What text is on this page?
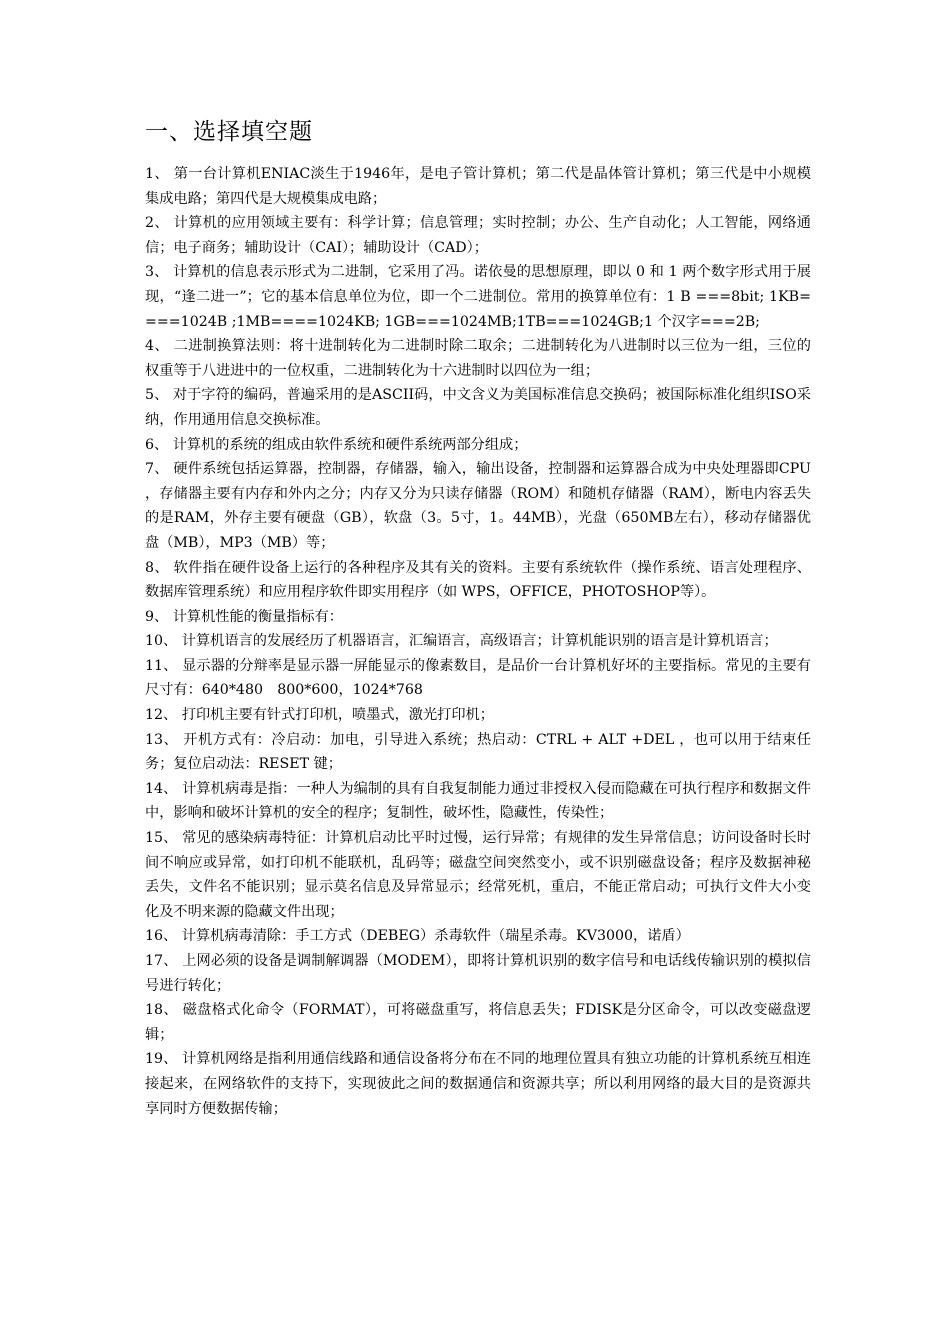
一、选择填空题
1、 第一台计算机ENIAC淡生于1946年，是电子管计算机；第二代是晶体管计算机；第三代是中小规模集成电路；第四代是大规模集成电路；
2、 计算机的应用领域主要有：科学计算；信息管理；实时控制；办公、生产自动化；人工智能，网络通信；电子商务；辅助设计（CAI）；辅助设计（CAD）；
3、 计算机的信息表示形式为二进制，它采用了冯。诺依曼的思想原理，即以 0 和 1 两个数字形式用于展现，“逢二进一”；它的基本信息单位为位，即一个二进制位。常用的换算单位有：1 B ===8bit; 1KB====1024B ;1MB====1024KB; 1GB===1024MB;1TB===1024GB;1 个汉字===2B;
4、 二进制换算法则：将十进制转化为二进制时除二取余；二进制转化为八进制时以三位为一组，三位的权重等于八进进中的一位权重，二进制转化为十六进制时以四位为一组；
5、 对于字符的编码，普遍采用的是ASCII码，中文含义为美国标准信息交换码；被国际标准化组织ISO采纳，作用通用信息交换标准。
6、 计算机的系统的组成由软件系统和硬件系统两部分组成；
7、 硬件系统包括运算器，控制器，存储器，输入，输出设备，控制器和运算器合成为中央处理器即CPU ，存储器主要有内存和外内之分；内存又分为只读存储器（ROM）和随机存储器（RAM），断电内容丢失的是RAM，外存主要有硬盘（GB），软盘（3。5寸，1。44MB），光盘（650MB左右），移动存储器优盘（MB），MP3（MB）等；
8、 软件指在硬件设备上运行的各种程序及其有关的资料。主要有系统软件（操作系统、语言处理程序、数据库管理系统）和应用程序软件即实用程序（如 WPS，OFFICE，PHOTOSHOP等）。
9、 计算机性能的衡量指标有：
10、 计算机语言的发展经历了机器语言，汇编语言，高级语言；计算机能识别的语言是计算机语言；
11、 显示器的分辩率是显示器一屏能显示的像素数目，是品价一台计算机好坏的主要指标。常见的主要有尺寸有：640*480　800*600，1024*768
12、 打印机主要有针式打印机，喷墨式，激光打印机；
13、 开机方式有：冷启动：加电，引导进入系统；热启动：CTRL + ALT +DEL ，也可以用于结束任务；复位启动法：RESET 键；
14、 计算机病毒是指：一种人为编制的具有自我复制能力通过非授权入侵而隐藏在可执行程序和数据文件中，影响和破坏计算机的安全的程序；复制性，破坏性，隐藏性，传染性；
15、 常见的感染病毒特征：计算机启动比平时过慢，运行异常；有规律的发生异常信息；访问设备时长时间不响应或异常，如打印机不能联机，乱码等；磁盘空间突然变小，或不识别磁盘设备；程序及数据神秘丢失，文件名不能识别；显示莫名信息及异常显示；经常死机，重启，不能正常启动；可执行文件大小变化及不明来源的隐藏文件出现；
16、 计算机病毒清除：手工方式（DEBEG）杀毒软件（瑞星杀毒。KV3000，诺盾）
17、 上网必须的设备是调制解调器（MODEM），即将计算机识别的数字信号和电话线传输识别的模拟信号进行转化；
18、 磁盘格式化命令（FORMAT），可将磁盘重写，将信息丢失；FDISK是分区命令，可以改变磁盘逻辑；
19、 计算机网络是指利用通信线路和通信设备将分布在不同的地理位置具有独立功能的计算机系统互相连接起来，在网络软件的支持下，实现彼此之间的数据通信和资源共享；所以利用网络的最大目的是资源共享同时方便数据传输；
